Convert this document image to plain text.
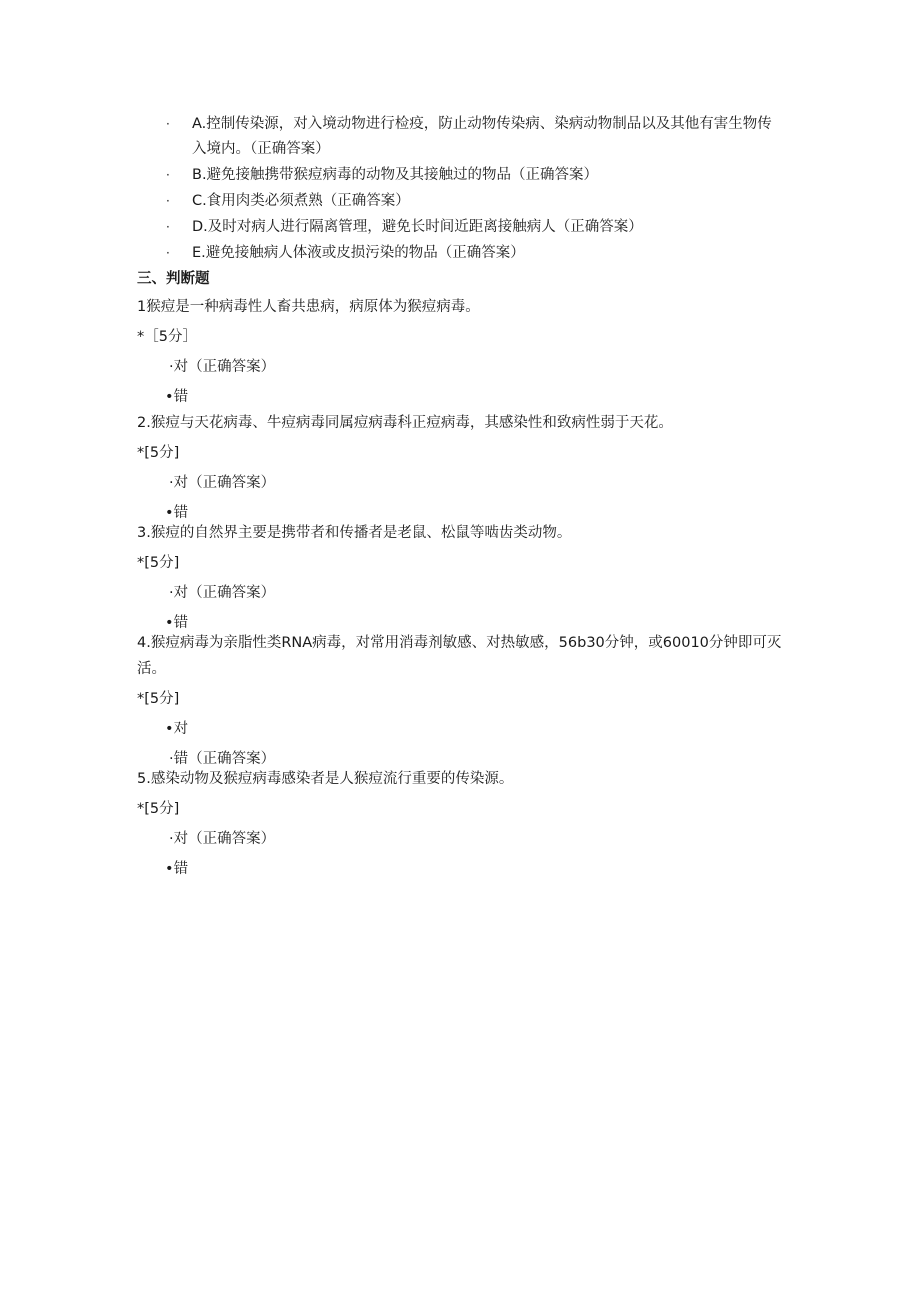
· A.控制传染源，对入境动物进行检疫，防止动物传染病、染病动物制品以及其他有害生物传入境内。（正确答案）
· B.避免接触携带猴痘病毒的动物及其接触过的物品（正确答案）
· C.食用肉类必须煮熟（正确答案）
· D.及时对病人进行隔离管理，避免长时间近距离接触病人（正确答案）
· E.避免接触病人体液或皮损污染的物品（正确答案）
三、判断题
1猴痘是一种病毒性人畜共患病，病原体为猴痘病毒。
*［5分］
·对（正确答案）
•错
2.猴痘与天花病毒、牛痘病毒同属痘病毒科正痘病毒，其感染性和致病性弱于天花。
*[5分]
·对（正确答案）
•错
3.猴痘的自然界主要是携带者和传播者是老鼠、松鼠等啮齿类动物。
*[5分]
·对（正确答案）
•错
4.猴痘病毒为亲脂性类RNA病毒，对常用消毒剂敏感、对热敏感，56b30分钟，或60010分钟即可灭活。
*[5分]
•对
·错（正确答案）
5.感染动物及猴痘病毒感染者是人猴痘流行重要的传染源。
*[5分]
·对（正确答案）
•错
